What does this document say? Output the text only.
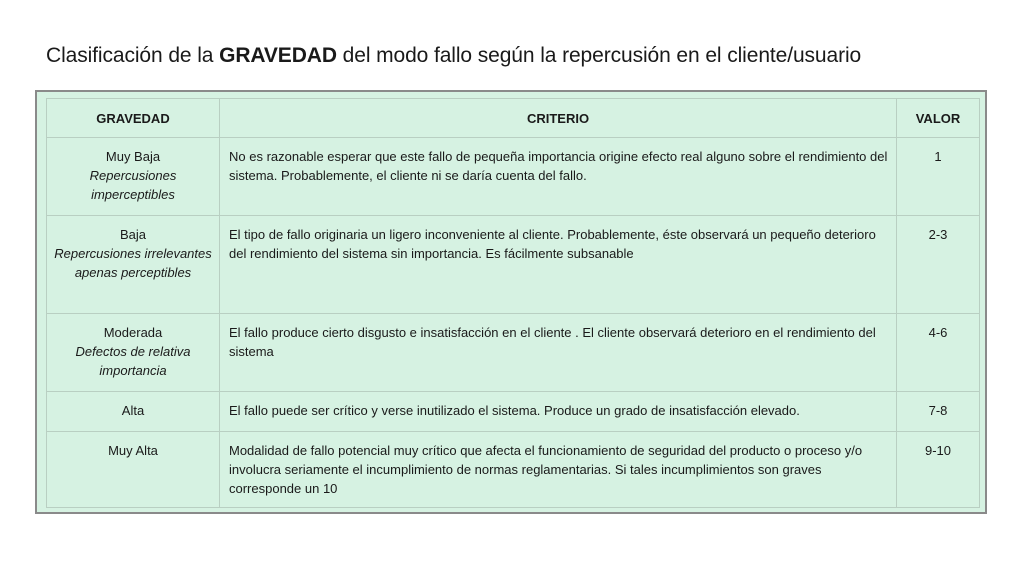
Clasificación de la GRAVEDAD del modo fallo según la repercusión en el cliente/usuario
GRAVEDAD	CRITERIO	VALOR
Muy Baja
Repercusiones imperceptibles	No es razonable esperar que este fallo de pequeña importancia origine efecto real alguno sobre el rendimiento del sistema. Probablemente, el cliente ni se daría cuenta del fallo.	1
Baja
Repercusiones irrelevantes apenas perceptibles	El tipo de fallo originaria un ligero inconveniente al cliente. Probablemente, éste observará un pequeño deterioro del rendimiento del sistema sin importancia. Es fácilmente subsanable	2-3
Moderada
Defectos de relativa importancia	El fallo produce cierto disgusto e insatisfacción en el cliente . El cliente observará deterioro en el rendimiento del sistema	4-6
Alta	El fallo puede ser crítico y verse inutilizado el sistema. Produce un grado de insatisfacción elevado.	7-8
Muy Alta	Modalidad de fallo potencial muy crítico que afecta el funcionamiento de seguridad del producto o proceso y/o involucra seriamente el incumplimiento de normas reglamentarias. Si tales incumplimientos son graves corresponde un 10	9-10
